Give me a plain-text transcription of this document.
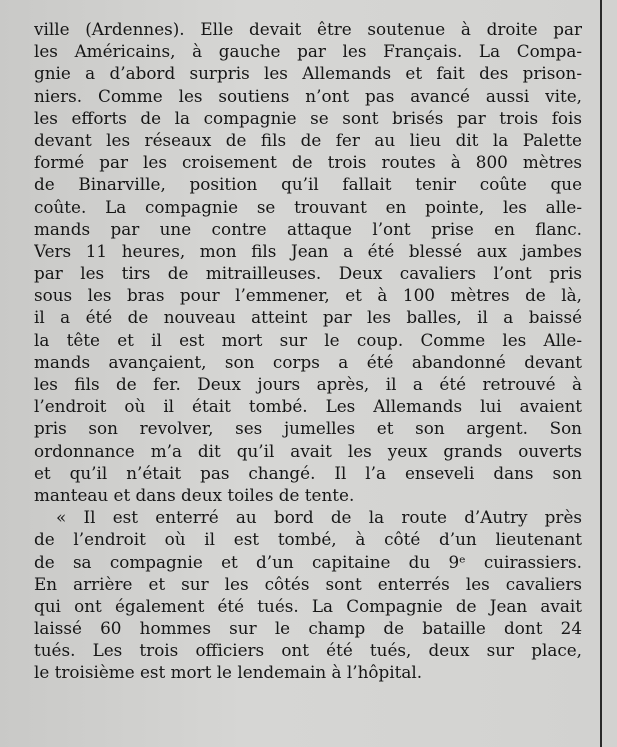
ville (Ardennes). Elle devait être soutenue à droite par
les Américains, à gauche par les Français. La Compa-
gnie a d’abord surpris les Allemands et fait des prison-
niers. Comme les soutiens n’ont pas avancé aussi vite,
les efforts de la compagnie se sont brisés par trois fois
devant les réseaux de fils de fer au lieu dit la Palette
formé par les croisement de trois routes à 800 mètres
de Binarville, position qu’il fallait tenir coûte que
coûte. La compagnie se trouvant en pointe, les alle-
mands par une contre attaque l’ont prise en flanc.
Vers 11 heures, mon fils Jean a été blessé aux jambes
par les tirs de mitrailleuses. Deux cavaliers l’ont pris
sous les bras pour l’emmener, et à 100 mètres de là,
il a été de nouveau atteint par les balles, il a baissé
la tête et il est mort sur le coup. Comme les Alle-
mands avançaient, son corps a été abandonné devant
les fils de fer. Deux jours après, il a été retrouvé à
l’endroit où il était tombé. Les Allemands lui avaient
pris son revolver, ses jumelles et son argent. Son
ordonnance m’a dit qu’il avait les yeux grands ouverts
et qu’il n’était pas changé. Il l’a enseveli dans son
manteau et dans deux toiles de tente.
« Il est enterré au bord de la route d’Autry près
de l’endroit où il est tombé, à côté d’un lieutenant
de sa compagnie et d’un capitaine du 9ᵉ cuirassiers.
En arrière et sur les côtés sont enterrés les cavaliers
qui ont également été tués. La Compagnie de Jean avait
laissé 60 hommes sur le champ de bataille dont 24
tués. Les trois officiers ont été tués, deux sur place,
le troisième est mort le lendemain à l’hôpital.
